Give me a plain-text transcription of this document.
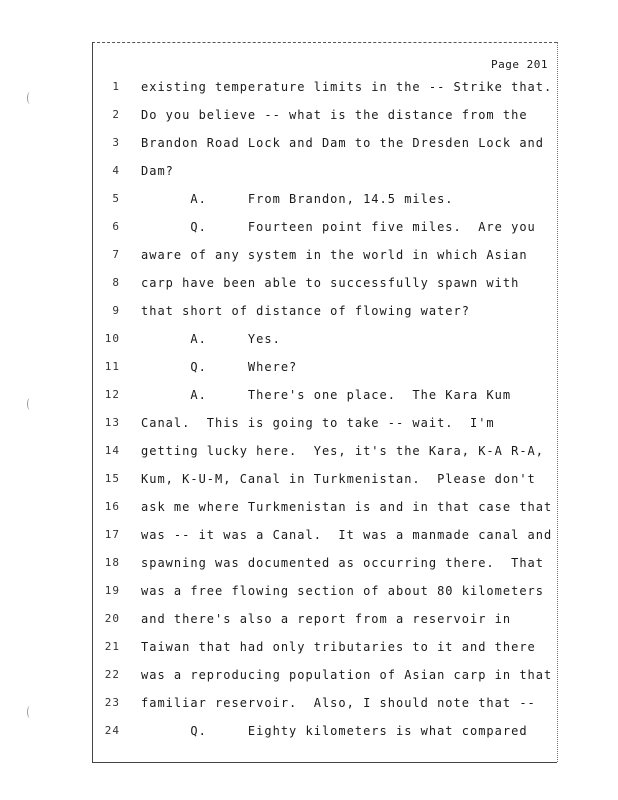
Page 201
1 existing temperature limits in the -- Strike that.
2 Do you believe -- what is the distance from the
3 Brandon Road Lock and Dam to the Dresden Lock and
4 Dam?
5 A.     From Brandon, 14.5 miles.
6 Q.     Fourteen point five miles.  Are you
7 aware of any system in the world in which Asian
8 carp have been able to successfully spawn with
9 that short of distance of flowing water?
10 A.     Yes.
11 Q.     Where?
12 A.     There's one place.  The Kara Kum
13 Canal.  This is going to take -- wait.  I'm
14 getting lucky here.  Yes, it's the Kara, K-A R-A,
15 Kum, K-U-M, Canal in Turkmenistan.  Please don't
16 ask me where Turkmenistan is and in that case that
17 was -- it was a Canal.  It was a manmade canal and
18 spawning was documented as occurring there.  That
19 was a free flowing section of about 80 kilometers
20 and there's also a report from a reservoir in
21 Taiwan that had only tributaries to it and there
22 was a reproducing population of Asian carp in that
23 familiar reservoir.  Also, I should note that --
24 Q.     Eighty kilometers is what compared
